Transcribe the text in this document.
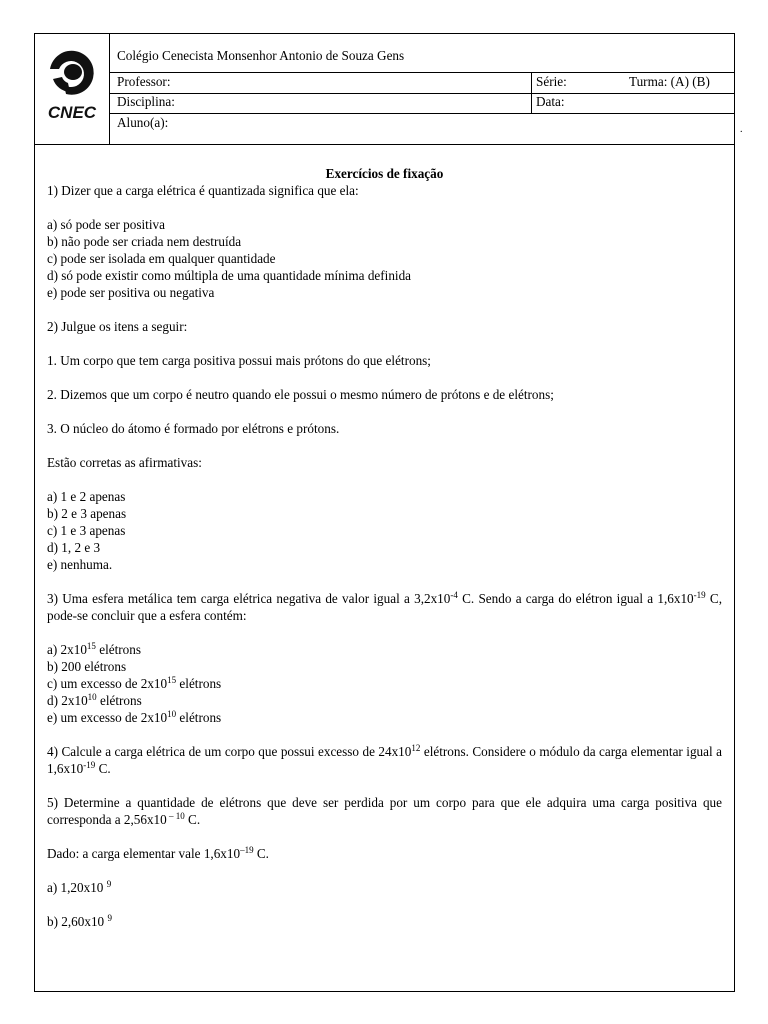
CNEC
Colégio Cenecista Monsenhor Antonio de Souza Gens
Professor:	Série:	Turma: (A) (B)
Disciplina:	Data:
Aluno(a):	.

Exercícios de fixação

1) Dizer que a carga elétrica é quantizada significa que ela:

a) só pode ser positiva

b) não pode ser criada nem destruída

c) pode ser isolada em qualquer quantidade

d) só pode existir como múltipla de uma quantidade mínima definida

e) pode ser positiva ou negativa

2) Julgue os itens a seguir:

1. Um corpo que tem carga positiva possui mais prótons do que elétrons;

2. Dizemos que um corpo é neutro quando ele possui o mesmo número de prótons e de elétrons;

3. O núcleo do átomo é formado por elétrons e prótons.

Estão corretas as afirmativas:

a) 1 e 2 apenas

b) 2 e 3 apenas

c) 1 e 3 apenas

d) 1, 2 e 3

e) nenhuma.

3) Uma esfera metálica tem carga elétrica negativa de valor igual a $3,2x10^{-4}$ C. Sendo a carga do elétron igual a $1,6x10^{-19}$ C, pode-se concluir que a esfera contém:

a) $2x10^{15}$ elétrons

b) 200 elétrons

c) um excesso de $2x10^{15}$ elétrons

d) $2x10^{10}$ elétrons

e) um excesso de $2x10^{10}$ elétrons

4) Calcule a carga elétrica de um corpo que possui excesso de $24x10^{12}$ elétrons. Considere o módulo da carga elementar igual a $1,6x10^{-19}$ C.

5) Determine a quantidade de elétrons que deve ser perdida por um corpo para que ele adquira uma carga positiva que corresponda a 2,56x10 $^{- 10}$ C.

Dado: a carga elementar vale $1,6x10^{-19}$ C.

a) 1,20x10 $^9$

b) 2,60x10 $^9$
